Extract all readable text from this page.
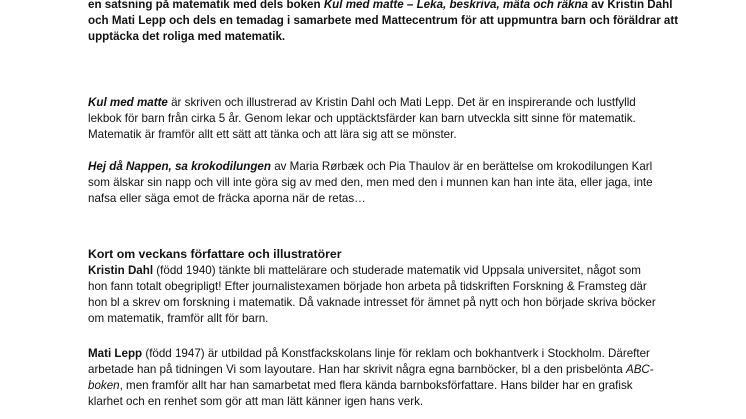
en satsning på matematik med dels boken Kul med matte – Leka, beskriva, mäta och räkna av Kristin Dahl
och Mati Lepp och dels en temadag i samarbete med Mattecentrum för att uppmuntra barn och föräldrar att
upptäcka det roliga med matematik.

Kul med matte är skriven och illustrerad av Kristin Dahl och Mati Lepp. Det är en inspirerande och lustfylld
lekbok för barn från cirka 5 år. Genom lekar och upptäcktsfärder kan barn utveckla sitt sinne för matematik.
Matematik är framför allt ett sätt att tänka och att lära sig att se mönster.

Hej då Nappen, sa krokodilungen av Maria Rørbæk och Pia Thaulov är en berättelse om krokodilungen Karl
som älskar sin napp och vill inte göra sig av med den, men med den i munnen kan han inte äta, eller jaga, inte
nafsa eller säga emot de fräcka aporna när de retas…

Kort om veckans författare och illustratörer

Kristin Dahl (född 1940) tänkte bli mattelärare och studerade matematik vid Uppsala universitet, något som
hon fann totalt obegripligt! Efter journalistexamen började hon arbeta på tidskriften Forskning & Framsteg där
hon bl a skrev om forskning i matematik. Då vaknade intresset för ämnet på nytt och hon började skriva böcker
om matematik, framför allt för barn.

Mati Lepp (född 1947) är utbildad på Konstfackskolans linje för reklam och bokhantverk i Stockholm. Därefter
arbetade han på tidningen Vi som layoutare. Han har skrivit några egna barnböcker, bl a den prisbelönta ABC-
boken, men framför allt har han samarbetat med flera kända barnboksförfattare. Hans bilder har en grafisk
klarhet och en renhet som gör att man lätt känner igen hans verk.
